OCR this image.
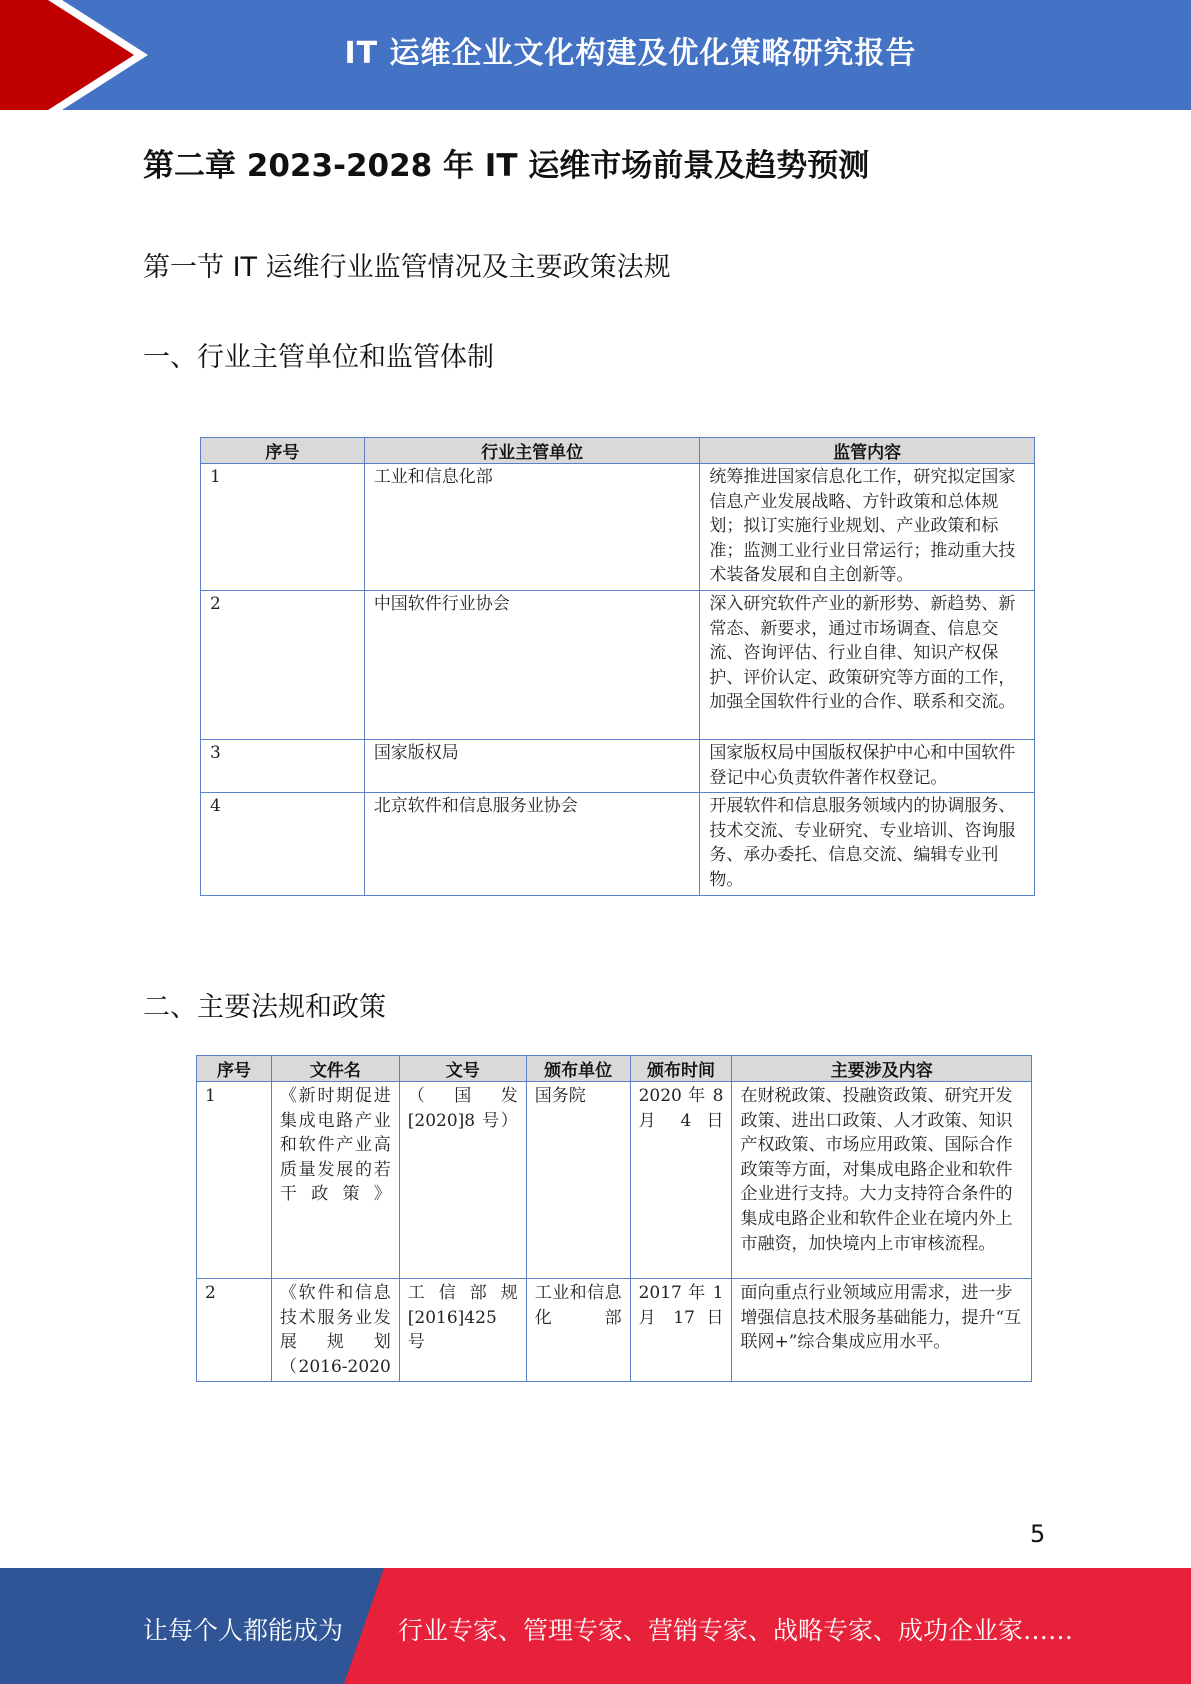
IT 运维企业文化构建及优化策略研究报告
第二章 2023-2028 年 IT 运维市场前景及趋势预测
第一节 IT 运维行业监管情况及主要政策法规
一、行业主管单位和监管体制
序号	行业主管单位	监管内容
1	工业和信息化部	统筹推进国家信息化工作，研究拟定国家信息产业发展战略、方针政策和总体规划；拟订实施行业规划、产业政策和标准；监测工业行业日常运行；推动重大技术装备发展和自主创新等。
2	中国软件行业协会	深入研究软件产业的新形势、新趋势、新常态、新要求，通过市场调查、信息交流、咨询评估、行业自律、知识产权保护、评价认定、政策研究等方面的工作，加强全国软件行业的合作、联系和交流。
3	国家版权局	国家版权局中国版权保护中心和中国软件登记中心负责软件著作权登记。
4	北京软件和信息服务业协会	开展软件和信息服务领域内的协调服务、技术交流、专业研究、专业培训、咨询服务、承办委托、信息交流、编辑专业刊物。
二、主要法规和政策
序号	文件名	文号	颁布单位	颁布时间	主要涉及内容
1	《新时期促进集成电路产业和软件产业高质量发展的若干政策》	（ 国 发[2020]8 号）	国务院	2020 年 8 月 4 日	在财税政策、投融资政策、研究开发政策、进出口政策、人才政策、知识产权政策、市场应用政策、国际合作政策等方面，对集成电路企业和软件企业进行支持。大力支持符合条件的集成电路企业和软件企业在境内外上市融资，加快境内上市审核流程。
2	《软件和信息技术服务业发展规划（2016-2020	工 信 部 规[2016]425 号	工业和信息化部	2017 年 1 月 17 日	面向重点行业领域应用需求，进一步增强信息技术服务基础能力，提升“互联网+”综合集成应用水平。
5
让每个人都能成为 行业专家、管理专家、营销专家、战略专家、成功企业家……
